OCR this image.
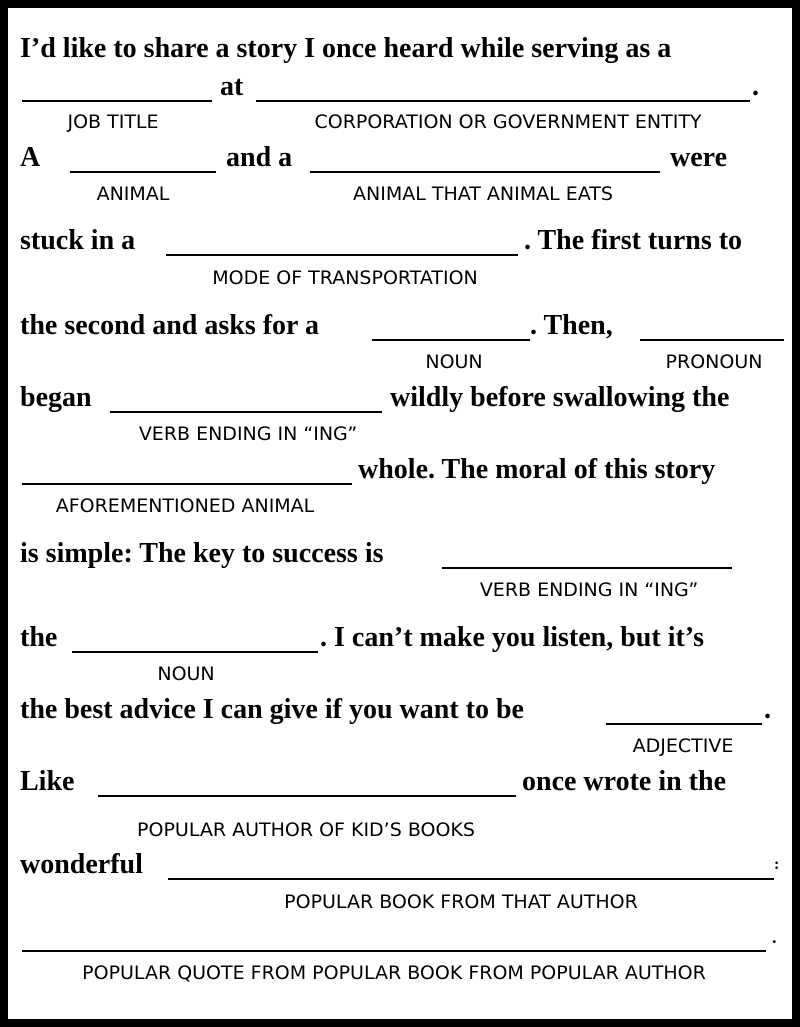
I’d like to share a story I once heard while serving as a
at	.
JOB TITLE	CORPORATION OR GOVERNMENT ENTITY
A	and a	were
ANIMAL	ANIMAL THAT ANIMAL EATS
stuck in a	. The first turns to
MODE OF TRANSPORTATION
the second and asks for a	. Then,
NOUN	PRONOUN
began	wildly before swallowing the
VERB ENDING IN “ING”
whole. The moral of this story
AFOREMENTIONED ANIMAL
is simple: The key to success is
VERB ENDING IN “ING”
the	. I can’t make you listen, but it’s
NOUN
the best advice I can give if you want to be	.
ADJECTIVE
Like	once wrote in the
POPULAR AUTHOR OF KID’S BOOKS
wonderful	:
POPULAR BOOK FROM THAT AUTHOR
.
POPULAR QUOTE FROM POPULAR BOOK FROM POPULAR AUTHOR
